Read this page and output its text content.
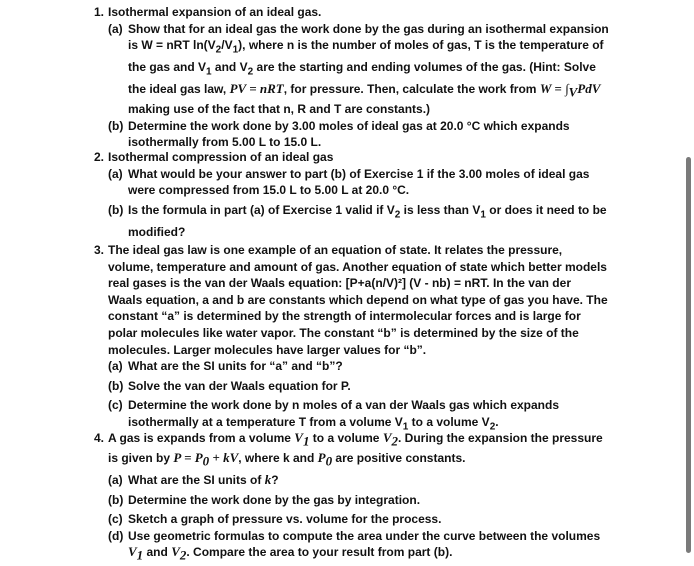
1. Isothermal expansion of an ideal gas.
(a) Show that for an ideal gas the work done by the gas during an isothermal expansion is W = nRT $\ln(V_2/V_1)$, where n is the number of moles of gas, T is the temperature of the gas and $V_1$ and $V_2$ are the starting and ending volumes of the gas. (Hint: Solve the ideal gas law, PV = nRT, for pressure. Then, calculate the work from $W = \int_VPdV$ making use of the fact that n, R and T are constants.)
(b) Determine the work done by 3.00 moles of ideal gas at 20.0 °C which expands isothermally from 5.00 L to 15.0 L.
2. Isothermal compression of an ideal gas
(a) What would be your answer to part (b) of Exercise 1 if the 3.00 moles of ideal gas were compressed from 15.0 L to 5.00 L at 20.0 °C.
(b) Is the formula in part (a) of Exercise 1 valid if $V_2$ is less than $V_1$ or does it need to be modified?
3. The ideal gas law is one example of an equation of state. It relates the pressure, volume, temperature and amount of gas. Another equation of state which better models real gases is the van der Waals equation: [P+a(n/V)²] (V - nb) = nRT. In the van der Waals equation, a and b are constants which depend on what type of gas you have. The constant “a” is determined by the strength of intermolecular forces and is large for polar molecules like water vapor. The constant “b” is determined by the size of the molecules. Larger molecules have larger values for “b”.
(a) What are the SI units for “a” and “b”?
(b) Solve the van der Waals equation for P.
(c) Determine the work done by n moles of a van der Waals gas which expands isothermally at a temperature T from a volume $V_1$ to a volume $V_2$.
4. A gas is expands from a volume $V_1$ to a volume $V_2$. During the expansion the pressure is given by $P = P_0$ + kV, where k and $P_0$ are positive constants.
(a) What are the SI units of k?
(b) Determine the work done by the gas by integration.
(c) Sketch a graph of pressure vs. volume for the process.
(d) Use geometric formulas to compute the area under the curve between the volumes $V_1$ and $V_2$. Compare the area to your result from part (b).
